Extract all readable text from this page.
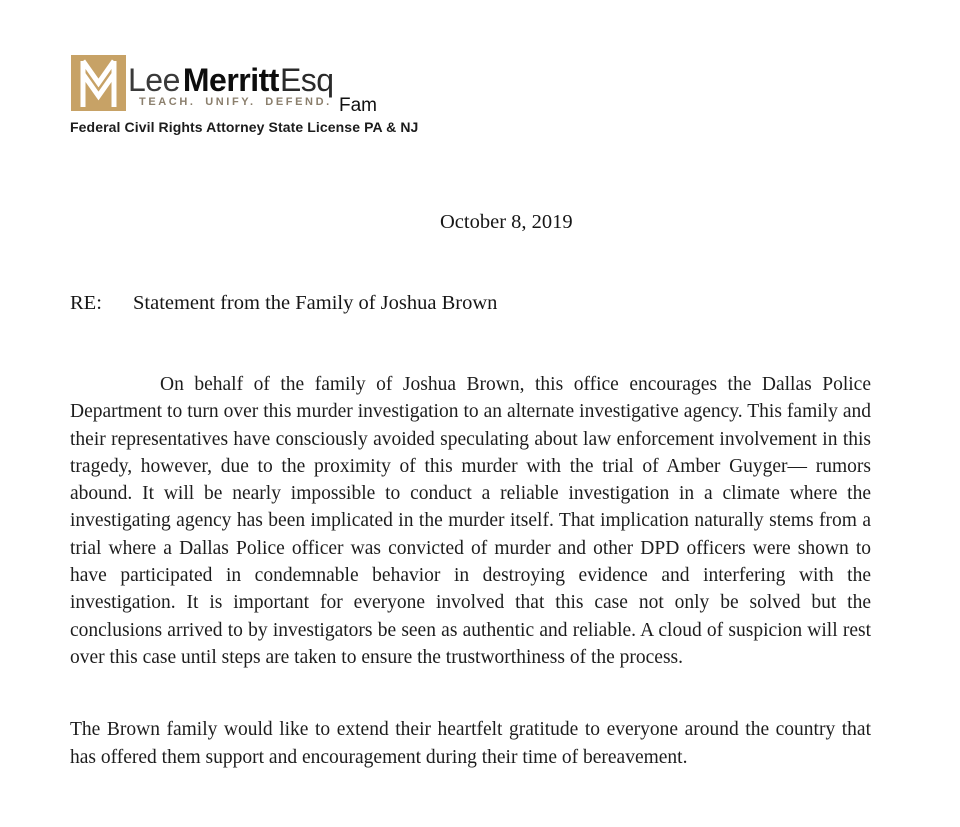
LeeMerrittEsq
TEACH. UNIFY. DEFEND. Fam
Federal Civil Rights Attorney State License PA & NJ
October 8, 2019
RE: Statement from the Family of Joshua Brown

On behalf of the family of Joshua Brown, this office encourages the Dallas Police Department to turn over this murder investigation to an alternate investigative agency. This family and their representatives have consciously avoided speculating about law enforcement involvement in this tragedy, however, due to the proximity of this murder with the trial of Amber Guyger— rumors abound. It will be nearly impossible to conduct a reliable investigation in a climate where the investigating agency has been implicated in the murder itself. That implication naturally stems from a trial where a Dallas Police officer was convicted of murder and other DPD officers were shown to have participated in condemnable behavior in destroying evidence and interfering with the investigation. It is important for everyone involved that this case not only be solved but the conclusions arrived to by investigators be seen as authentic and reliable. A cloud of suspicion will rest over this case until steps are taken to ensure the trustworthiness of the process.

The Brown family would like to extend their heartfelt gratitude to everyone around the country that has offered them support and encouragement during their time of bereavement.
